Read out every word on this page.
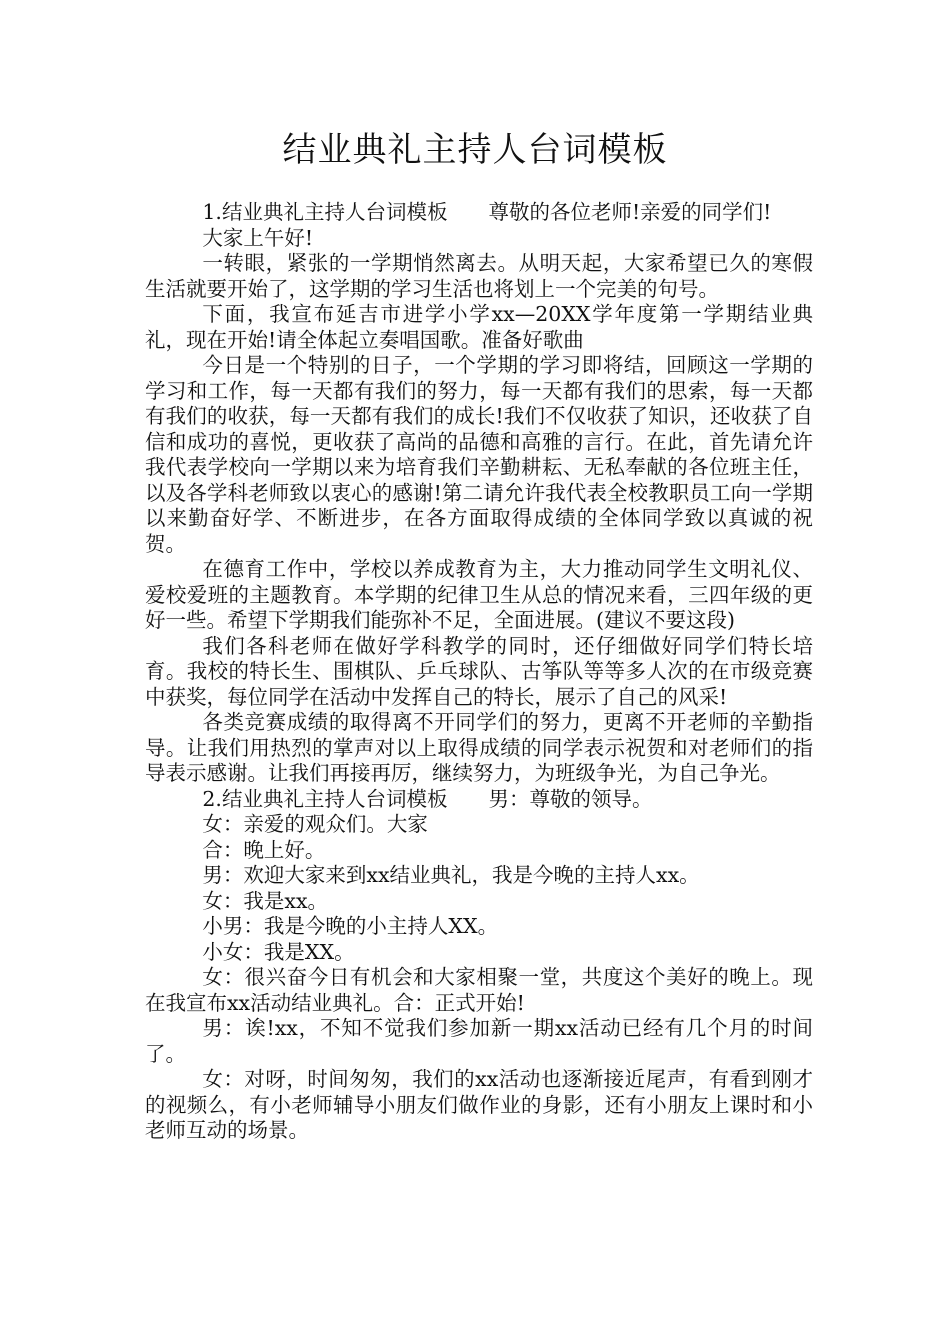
结业典礼主持人台词模板

1.结业典礼主持人台词模板　　尊敬的各位老师!亲爱的同学们!

大家上午好!

一转眼，紧张的一学期悄然离去。从明天起，大家希望已久的寒假生活就要开始了，这学期的学习生活也将划上一个完美的句号。

下面，我宣布延吉市进学小学xx—20XX学年度第一学期结业典礼，现在开始!请全体起立奏唱国歌。准备好歌曲

今日是一个特别的日子，一个学期的学习即将结，回顾这一学期的学习和工作，每一天都有我们的努力，每一天都有我们的思索，每一天都有我们的收获，每一天都有我们的成长!我们不仅收获了知识，还收获了自信和成功的喜悦，更收获了高尚的品德和高雅的言行。在此，首先请允许我代表学校向一学期以来为培育我们辛勤耕耘、无私奉献的各位班主任，以及各学科老师致以衷心的感谢!第二请允许我代表全校教职员工向一学期以来勤奋好学、不断进步，在各方面取得成绩的全体同学致以真诚的祝贺。

在德育工作中，学校以养成教育为主，大力推动同学生文明礼仪、爱校爱班的主题教育。本学期的纪律卫生从总的情况来看，三四年级的更好一些。希望下学期我们能弥补不足，全面进展。(建议不要这段)

我们各科老师在做好学科教学的同时，还仔细做好同学们特长培育。我校的特长生、围棋队、乒乓球队、古筝队等等多人次的在市级竞赛中获奖，每位同学在活动中发挥自己的特长，展示了自己的风采!

各类竞赛成绩的取得离不开同学们的努力，更离不开老师的辛勤指导。让我们用热烈的掌声对以上取得成绩的同学表示祝贺和对老师们的指导表示感谢。让我们再接再厉，继续努力，为班级争光，为自己争光。

2.结业典礼主持人台词模板　　男：尊敬的领导。

女：亲爱的观众们。大家

合：晚上好。

男：欢迎大家来到xx结业典礼，我是今晚的主持人xx。

女：我是xx。

小男：我是今晚的小主持人XX。

小女：我是XX。

女：很兴奋今日有机会和大家相聚一堂，共度这个美好的晚上。现在我宣布xx活动结业典礼。合：正式开始!

男：诶!xx，不知不觉我们参加新一期xx活动已经有几个月的时间了。

女：对呀，时间匆匆，我们的xx活动也逐渐接近尾声，有看到刚才的视频么，有小老师辅导小朋友们做作业的身影，还有小朋友上课时和小老师互动的场景。
